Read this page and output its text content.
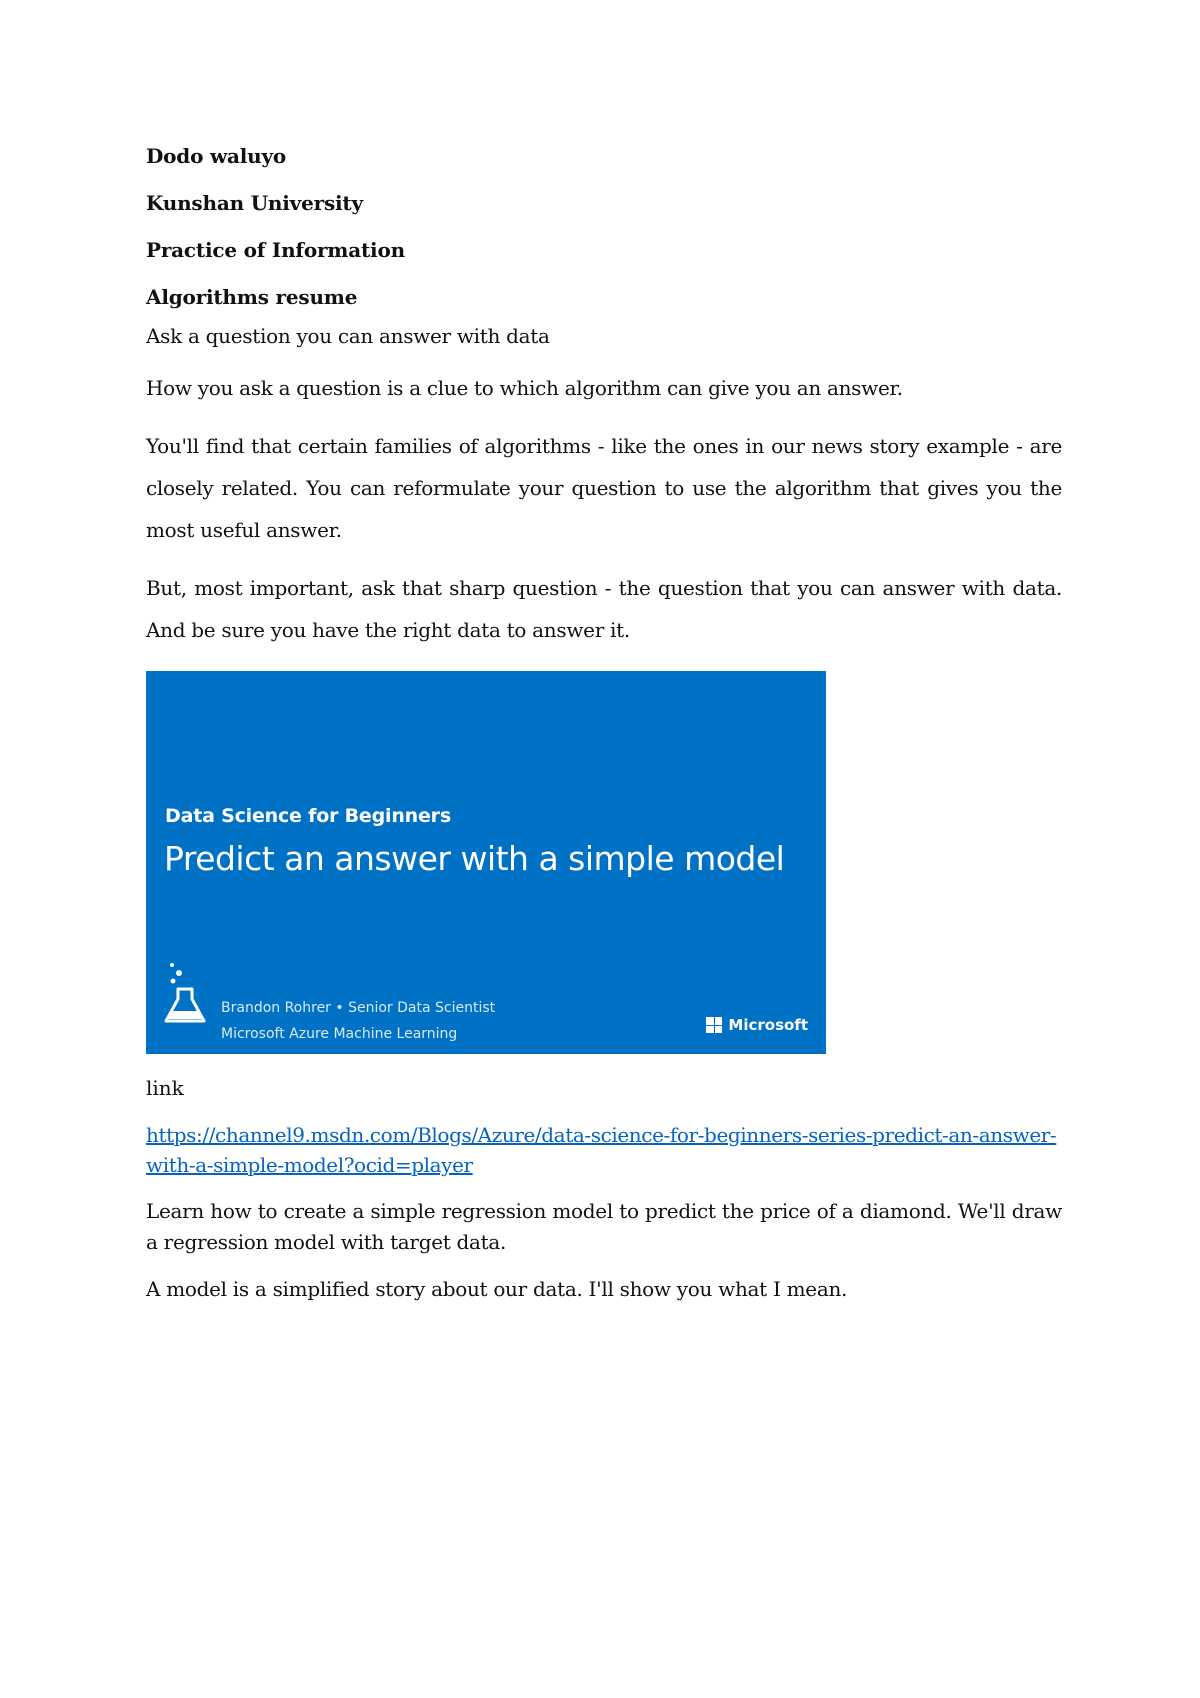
Dodo waluyo
Kunshan University
Practice of Information
Algorithms resume

Ask a question you can answer with data

How you ask a question is a clue to which algorithm can give you an answer.

You'll find that certain families of algorithms - like the ones in our news story example - are closely related. You can reformulate your question to use the algorithm that gives you the most useful answer.

But, most important, ask that sharp question - the question that you can answer with data. And be sure you have the right data to answer it.

Data Science for Beginners
Predict an answer with a simple model
Brandon Rohrer • Senior Data Scientist
Microsoft Azure Machine Learning	Microsoft
link
https://channel9.msdn.com/Blogs/Azure/data-science-for-beginners-series-predict-an-answer-with-a-simple-model?ocid=player

Learn how to create a simple regression model to predict the price of a diamond. We'll draw a regression model with target data.

A model is a simplified story about our data. I'll show you what I mean.
